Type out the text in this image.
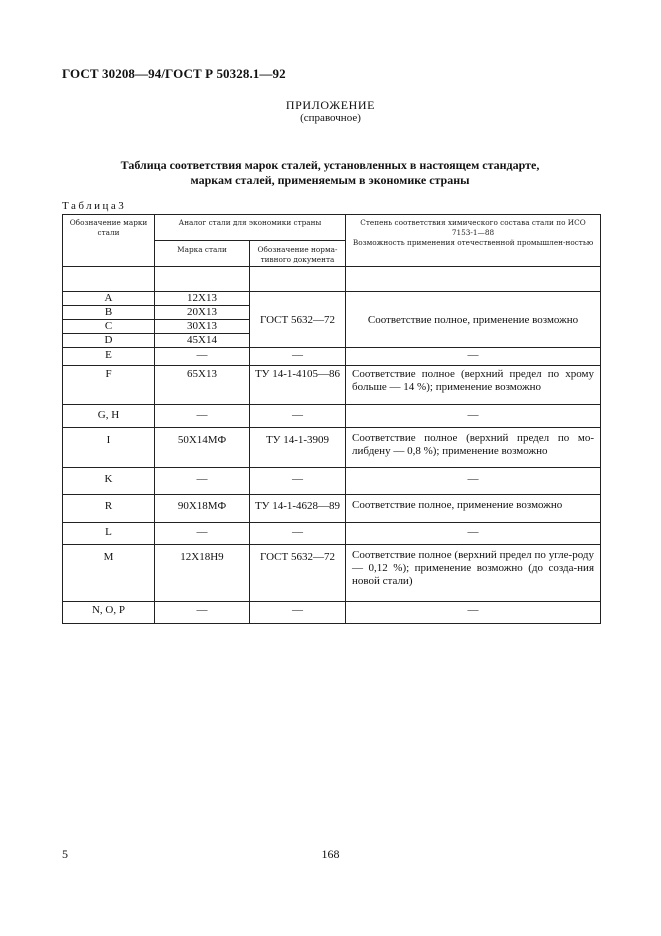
ГОСТ 30208—94/ГОСТ Р 50328.1—92
ПРИЛОЖЕНИЕ
(справочное)
Таблица соответствия марок сталей, установленных в настоящем стандарте,
маркам сталей, применяемым в экономике страны
Таблица3
Обозначение марки стали	Аналог стали для экономики страны		Степень соответствия химического состава стали по ИСО 7153-1—88
Возможность применения отечественной промышлен-ностью

	Марка стали	Обозначение норма-тивного документа	

A	12X13	ГОСТ 5632—72	Соответствие полное, применение возможно
B	20X13		
C	30X13		
D	45X14		
E	—	—	—
F	65X13	ТУ 14-1-4105—86	Соответствие полное (верхний предел по хрому больше — 14 %); применение возможно
G, H	—	—	—
I	50X14МФ	ТУ 14-1-3909	Соответствие полное (верхний предел по мо-либдену — 0,8 %); применение возможно
K	—	—	—
R	90X18МФ	ТУ 14-1-4628—89	Соответствие полное, применение возможно
L	—	—	—
M	12X18H9	ГОСТ 5632—72	Соответствие полное (верхний предел по угле-роду — 0,12 %); применение возможно (до созда-ния новой стали)
N, O, P	—	—	—
5	168
